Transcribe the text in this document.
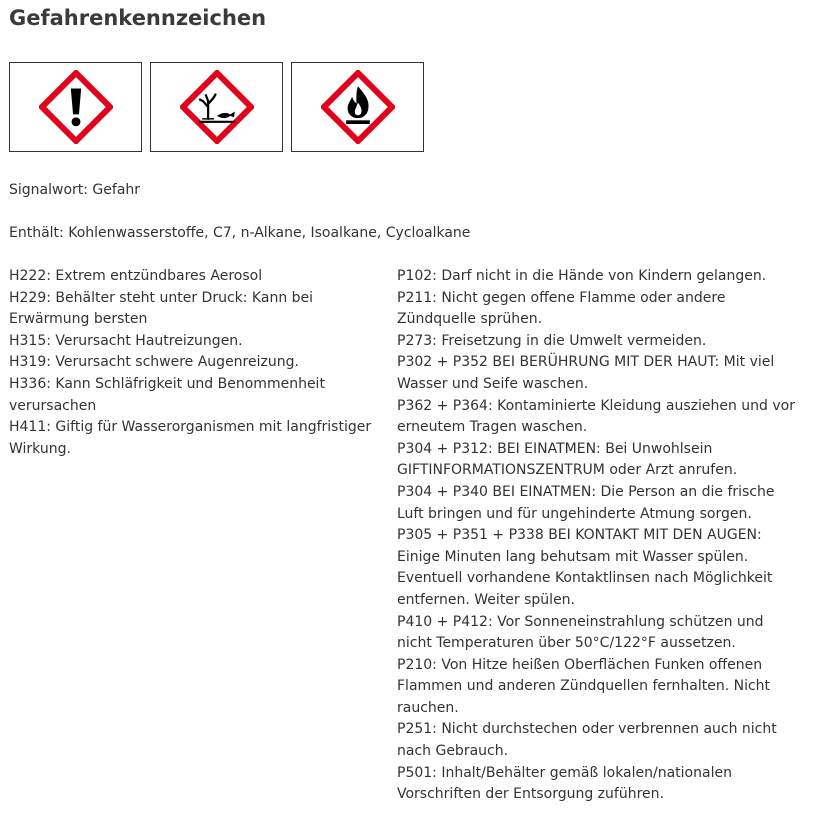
Gefahrenkennzeichen

Signalwort: Gefahr

Enthält: Kohlenwasserstoffe, C7, n-Alkane, Isoalkane, Cycloalkane

H222: Extrem entzündbares Aerosol

H229: Behälter steht unter Druck: Kann bei Erwärmung bersten

H315: Verursacht Hautreizungen.

H319: Verursacht schwere Augenreizung.

H336: Kann Schläfrigkeit und Benommenheit verursachen

H411: Giftig für Wasserorganismen mit langfristiger Wirkung.

P102: Darf nicht in die Hände von Kindern gelangen.

P211: Nicht gegen offene Flamme oder andere Zündquelle sprühen.

P273: Freisetzung in die Umwelt vermeiden.

P302 + P352 BEI BERÜHRUNG MIT DER HAUT: Mit viel Wasser und Seife waschen.

P362 + P364: Kontaminierte Kleidung ausziehen und vor erneutem Tragen waschen.

P304 + P312: BEI EINATMEN: Bei Unwohlsein GIFTINFORMATIONSZENTRUM oder Arzt anrufen.

P304 + P340 BEI EINATMEN: Die Person an die frische Luft bringen und für ungehinderte Atmung sorgen.

P305 + P351 + P338 BEI KONTAKT MIT DEN AUGEN: Einige Minuten lang behutsam mit Wasser spülen. Eventuell vorhandene Kontaktlinsen nach Möglichkeit entfernen. Weiter spülen.

P410 + P412: Vor Sonneneinstrahlung schützen und nicht Temperaturen über 50°C/122°F aussetzen.

P210: Von Hitze heißen Oberflächen Funken offenen Flammen und anderen Zündquellen fernhalten. Nicht rauchen.

P251: Nicht durchstechen oder verbrennen auch nicht nach Gebrauch.

P501: Inhalt/Behälter gemäß lokalen/nationalen Vorschriften der Entsorgung zuführen.
